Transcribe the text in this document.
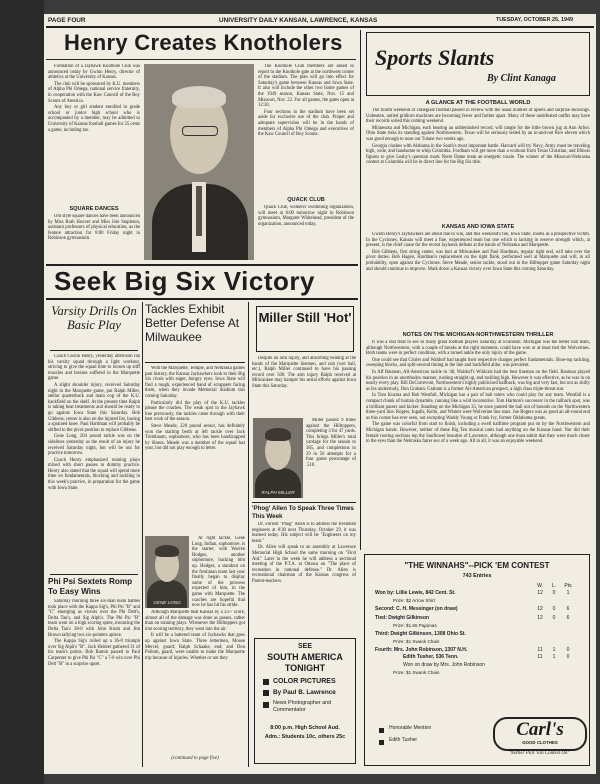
PAGE FOUR	UNIVERSITY DAILY KANSAN, LAWRENCE, KANSAS	TUESDAY, OCTOBER 25, 1949
Henry Creates Knotholers

Formation of a Jayhawk Knothole Club was announced today by Gwinn Henry, director of athletics at the University of Kansas.

The club will be sponsored by K.U. members of Alpha Phi Omega, national service fraternity, in cooperation with the Kaw Council of the Boy Scouts of America.

Any boy or girl student enrolled in grade school or junior high school who is accompanied by a member, may be admitted to University of Kansas football games for 25 cents a game, including tax.

SQUARE DANCES

Old style square dances have been announced by Miss Ruth Hoover and Miss Joie Stapleton, assistant professors of physical education, as the feature attraction for 8:00 Friday night in Robinson gymnasium.

The Knothole Club members are asked to report to the Knothole gate at the northwest corner of the stadium. The plan will go into effect for Saturday's game between Kansas and Iowa State. It also will include the other two home games of the 1949 season, Kansas State, Nov. 15 and Missouri, Nov. 22. For all games, the gates open at 12:30.

Four sections in the stadium have been set aside for exclusive use of the club. Proper and adequate supervision will be in the hands of members of Alpha Phi Omega and executives of the Kaw Council of Boy Scouts.

QUACK CLUB

Quack Club, women's swimming organization, will meet at 8:00 tomorrow night in Robinson gymnasium, Margaret Whitehead, president of the organization, announced today.

Sports Slants
By Clint Kanaga
A GLANCE AT THE FOOTBALL WORLD

The fourth weekend of collegiate football passed in review with the usual number of upsets and surprise showings. Unbeaten, untied gridiron machines are becoming fewer and farther apart. Many of these undefeated outfits may have their records soiled this coming weekend.

Minnesota and Michigan, each bearing an unblemished record, will tangle for the little brown jug at Ann Arbor. Ohio State risks its standing against Northwestern. Texas will be seriously tested by an in-and-out Rice eleven which was good enough to nose out Tulane two weeks ago.

Georgia clashes with Alabama in the South's most important battle. Harvard will try Navy, Army must be traveling high, wide, and handsome to whip Columbia. Fordham will get more than a workout from Texas Christian, and Illinois figures to give Leahy's question mark Notre Dame team an energetic tussle. The winner of the Missouri-Nebraska contest at Columbia will be in direct line for the Big Six title.

KANSAS AND IOWA STATE

Gwinn Henry's Jayhawkers are about due to win, and this weekend's foe, Iowa State, looms as a prospective victim. In the Cyclones, Kansas will meet a fine, experienced team but one which is lacking in reserve strength which, at present, is the chief cause for the recent Jayhawk defeats at the hands of Nebraska and Marquette.

Bob Gibbens, first string center, was hurt at Milwaukee and Paul Hardman, regular right end, will take over the pivot duties. Bob Hagen, Hardman's replacement on the right flank, performed well at Marquette and will, in all probability, open against the Cyclones. Steve Meade, senior tackle, stood out in the Hilltopper game Saturday night and should continue to improve. Mark down a Kansas victory over Iowa State this coming Saturday.

NOTES ON THE MICHIGAN-NORTHWESTERN THRILLER

It was a real treat to see so many great football players Saturday at Evanston. Michigan was the better ball team, although Northwestern, with a couple of breaks at the right moments, could have won or at least tied the Wolverines. Both teams were in perfect condition, with a turned ankle the only injury of the game.

One could see that Crisler and Waldorf had taught their respective charges perfect fundamentals. Shoe-top tackling, sweeping blocks, and split-second timing in the line and backfield alike, was prevalent.

In Alf Bauman, All-American tackle in '40, Waldorf's Wildcats had the best lineman on the field. Bauman played his position in an unorthodox manner, rushing straight up, and tackling high. However it was effective, as he was in on nearly every play. Bill DeCorrevont, Northwestern's highly publicized halfback, was big and very fast, but not as shifty as his understudy, Don Graham. Graham is a former All-American prospect, a high class triple-threat star.

In Tom Kuzma and Bob Westfall, Michigan has a pair of ball toters who could play for any team. Westfall is a compact chunk of human dynamite, running like a wild locomotive. Tom Harmon's successor in the tailback spot, was a brilliant passer and kicker. Standing on the Michigan 35, he once punted the ball out of bounds on the Northwestern three-yard line. Rogers, Ingalls, Kelto, and Wistert were Wolverine line stars. Joe Rogers was as good an all-round end as this corner has ever seen, not excepting Waddy Young or Frank Ivy, former Oklahoma greats.

The game was colorful from start to finish, including a swell halftime program put on by the Northwestern and Michigan bands. However, neither of these Big Ten musical units had anything on the Kansas band. Nor did their female rooting sections top the Sunflower beauties of Lawrence, although one must admit that they were much closer to the eyes than the Nebraska fairer sex of a week ago. All in all, it was an enjoyable weekend.

Seek Big Six Victory
Varsity Drills On Basic Play

Coach Gwinn Henry, yesterday afternoon ran his varsity squad through a light workout, striving to give the squad time to loosen up stiff muscles and bruises suffered in the Marquette game.

A slight shoulder injury, received Saturday night in the Marquette game, put Ralph Miller, stellar quarterback and main cog of the K.U. backfield on the shelf. At the present time Ralph is taking heat treatments and should be ready to go against Iowa State this Saturday. Bob Gibbens, center is also on the injured list, having a sprained knee. Paul Hardman will probably be shifted to the pivot position to replace Gibbens.

Gene Long, 204 pound tackle was on the sidelines yesterday as the result of an injury he received Saturday night, but will be out for practice tomorrow.

Coach Henry emphasized running plays mixed with short passes in dummy practice. Henry also stated that the squad will spend more time on fundamentals, blocking and tackling in this week's practice, in preparation for the game with Iowa State.

Phi Psi Sextets Romp To Easy Wins

Saturday morning three six-man team battles took place with the Kappa Sig's, Phi Psi "B" and "C" emerging as victors over the Phi Delt's, Delta Tau's, and Sig Alph's. The Phi Psi "B" team went on a high scoring spree, trouncing the Delta Tau's 38-0 with John Krum and Jim Brown tallying two six-pointers apiece.

The Kappa Sig's rolled up a 36-0 triumph over Sig Alph's "B". Jack Heinler gathered 31 of his team's points. Bob Barton passed to Paul Carpenter to give Phi Psi "C" a 7-0 win over Phi Delt "B" in a surprise upset.

Tackles Exhibit Better Defense At Milwaukee

With the Marquette, Temple, and Nebraska games past history, the Kansas Jayhawkers look to their Big Six rivals with eager, hungry eyes. Iowa State will find a tough, experienced band of scrappers facing them, when they invade Memorial Stadium this coming Saturday.

Particularly did the play of the K.U. tackles please the coaches. The weak spot in the Jayhawk line previously, the tackles came through with their best work of the season.

Steve Meade, 220 pound senior, has definitely won the starting berth at left tackle over Jack Trombaum, sophomore, who has been handicapped by illness. Meade was a member of the squad last year, but did not play enough to letter.

GENE LONG

At right tackle, Gene Long, Indian, sophomore, is the starter, with Warren Hodges, another sophomore, backing him up. Hodges, a standout on the freshman team last year finally began to display some of the prowess expected of him, in the game with Marquette. The coaches are hopeful that now he has hit his stride.

Although Marquette beat Kansas by a 33-7 score, almost all of the damage was done as passes, rather than on running plays. Whenever the Hilltoppers got into scoring territory, they went into the air.

It will be a battered team of Jayhawks that goes up against Iowa State. Three lettermen, Moose Mercel, guard; Ralph Schaake, end; and Don Pollom, guard, were unable to make the Marquette trip because of injuries. Whether or not they

(continued to page five)
Miller Still 'Hot'

Despite an arm injury, and absorbing beating at the hands of the Marquette linemen, and rain (wet ball, etc.), Ralph Miller continued to have his passing record over 500. The arm injury Ralph received at Milwaukee may hamper his aerial efforts against Iowa State this Saturday.

RALPH MILLER

Miller passed 9 times against the Hilltoppers, completing 3 for 47 yards. This brings Miller's total yardage for the season to 385, and completions to 29 in 56 attempts for a four game percentage of .518.

'Phog' Allen To Speak Three Times This Week

Dr. Forrest "Phog" Allen is to address the freshmen engineers at 8:30 next Thursday, October 29, it was learned today. His subject will be "Engineers on my team."

Dr. Allen will speak to an assembly at Lawrence Memorial High School the same morning on "First Aid." Later in the week he will address a sectional meeting of the P.T.A. at Ottawa on "The place of recreation in national defense." Dr. Allen is recreational chairman of the Kansas congress of Parent-teachers.

SEE
SOUTH AMERICA
TONIGHT
COLOR PICTURES
By Paul B. Lawrence
News Photographer and Commentator
8:00 p.m. High School Aud.
Adm.: Students 10c, others 25c
"THE WINNAHS"--PICK 'EM CONTEST
743 Entries
W.	L.	Pts
Won by: Lillie Lewis, 842 Cent. St.	12	0	1
Prize: $2 Arrow Shirt
Second: C. H. Messinger (on draw)	12	0	6
Tied: Dwight Gilkinson	12	0	6
Prize: $1.65 Pajamas
Third: Dwight Gilkinson, 1308 Ohio St.
Prize: $1 Swank Chain
Fourth: Mrs. John Robinson, 1307 N.H.	11	1	0
Edith Tusher, 536 Tenn.	11	1	0
Won on draw by Mrs. John Robinson
Prize: $1 Swank Chain
Honorable Mention
Edith Tusher	Carl's
GOOD CLOTHES
"Nother Pick 'Em Contest On"
